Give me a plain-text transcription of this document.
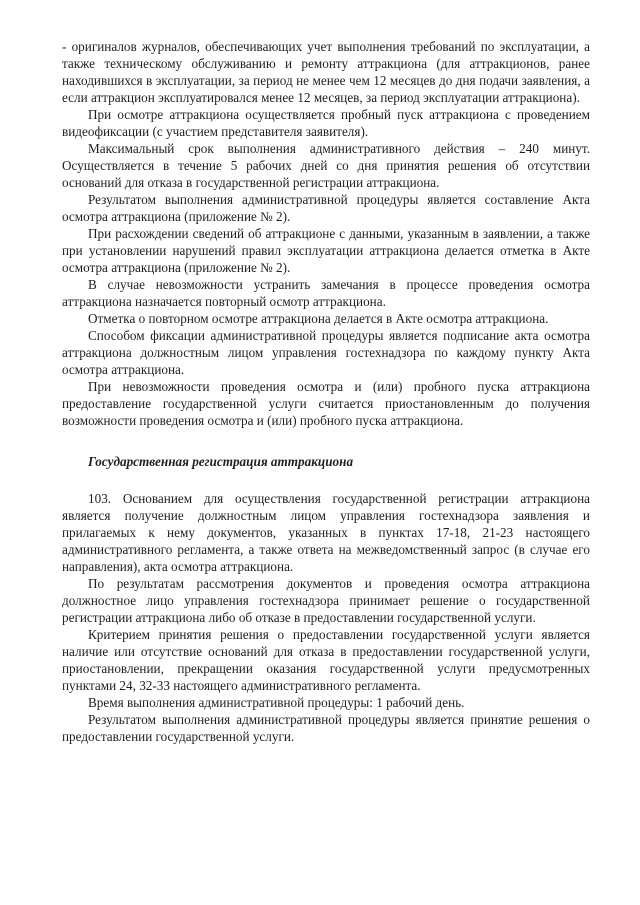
- оригиналов журналов, обеспечивающих учет выполнения требований по эксплуатации, а также техническому обслуживанию и ремонту аттракциона (для аттракционов, ранее находившихся в эксплуатации, за период не менее чем 12 месяцев до дня подачи заявления, а если аттракцион эксплуатировался менее 12 месяцев, за период эксплуатации аттракциона).

При осмотре аттракциона осуществляется пробный пуск аттракциона с проведением видеофиксации (с участием представителя заявителя).

Максимальный срок выполнения административного действия – 240 минут. Осуществляется в течение 5 рабочих дней со дня принятия решения об отсутствии оснований для отказа в государственной регистрации аттракциона.

Результатом выполнения административной процедуры является составление Акта осмотра аттракциона (приложение № 2).

При расхождении сведений об аттракционе с данными, указанным в заявлении, а также при установлении нарушений правил эксплуатации аттракциона делается отметка в Акте осмотра аттракциона (приложение № 2).

В случае невозможности устранить замечания в процессе проведения осмотра аттракциона назначается повторный осмотр аттракциона.

Отметка о повторном осмотре аттракциона делается в Акте осмотра аттракциона.

Способом фиксации административной процедуры является подписание акта осмотра аттракциона должностным лицом управления гостехнадзора по каждому пункту Акта осмотра аттракциона.

При невозможности проведения осмотра и (или) пробного пуска аттракциона предоставление государственной услуги считается приостановленным до получения возможности проведения осмотра и (или) пробного пуска аттракциона.

Государственная регистрация аттракциона

103. Основанием для осуществления государственной регистрации аттракциона является получение должностным лицом управления гостехнадзора заявления и прилагаемых к нему документов, указанных в пунктах 17-18, 21-23 настоящего административного регламента, а также ответа на межведомственный запрос (в случае его направления), акта осмотра аттракциона.

По результатам рассмотрения документов и проведения осмотра аттракциона должностное лицо управления гостехнадзора принимает решение о государственной регистрации аттракциона либо об отказе в предоставлении государственной услуги.

Критерием принятия решения о предоставлении государственной услуги является наличие или отсутствие оснований для отказа в предоставлении государственной услуги, приостановлении, прекращении оказания государственной услуги предусмотренных пунктами 24, 32-33 настоящего административного регламента.

Время выполнения административной процедуры: 1 рабочий день.

Результатом выполнения административной процедуры является принятие решения о предоставлении государственной услуги.
